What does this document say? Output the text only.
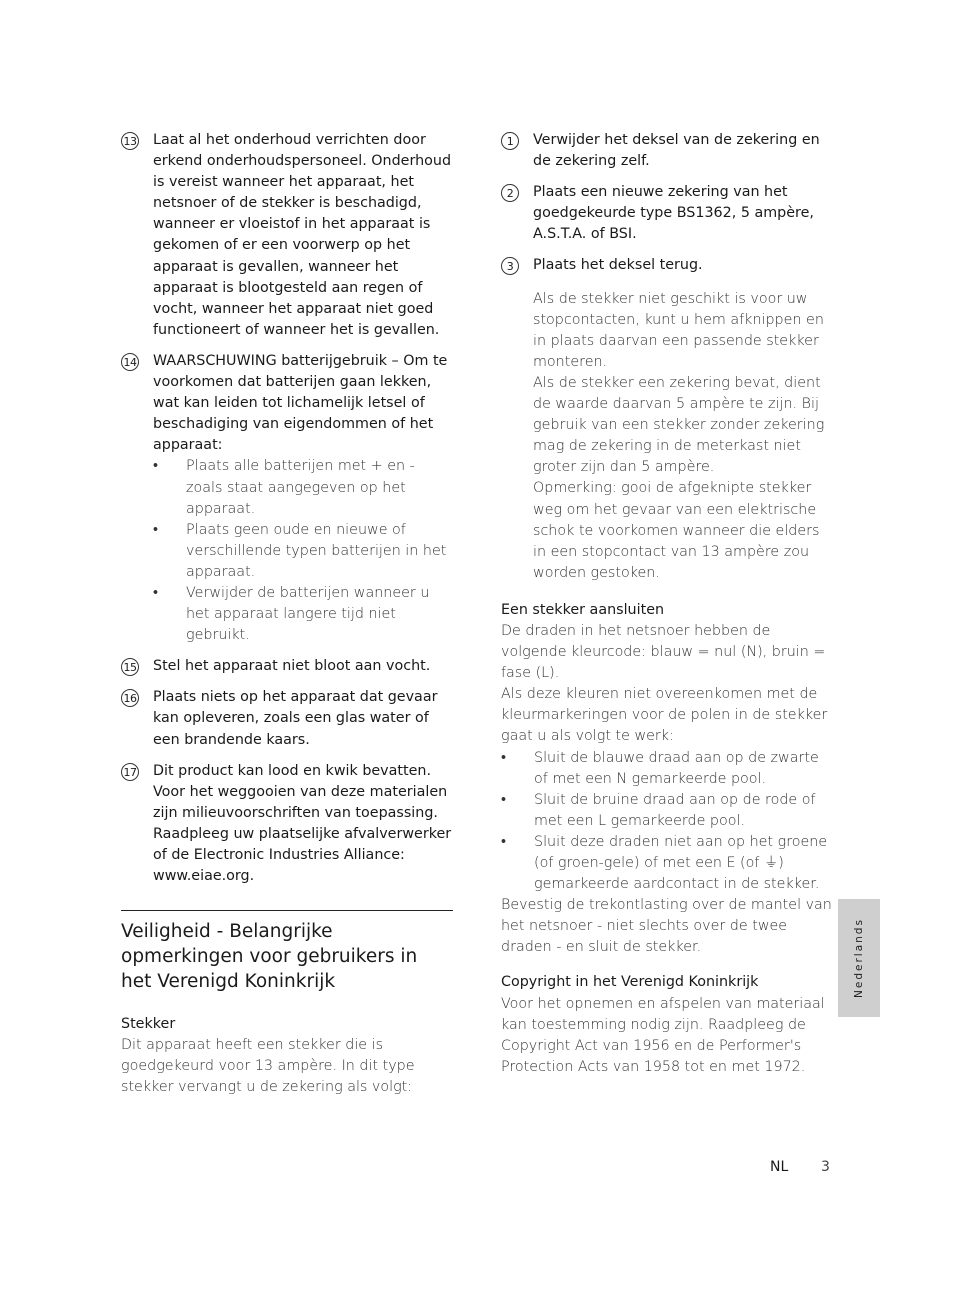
13 Laat al het onderhoud verrichten door erkend onderhoudspersoneel. Onderhoud is vereist wanneer het apparaat, het netsnoer of de stekker is beschadigd, wanneer er vloeistof in het apparaat is gekomen of er een voorwerp op het apparaat is gevallen, wanneer het apparaat is blootgesteld aan regen of vocht, wanneer het apparaat niet goed functioneert of wanneer het is gevallen.
14 WAARSCHUWING batterijgebruik – Om te voorkomen dat batterijen gaan lekken, wat kan leiden tot lichamelijk letsel of beschadiging van eigendommen of het apparaat:
• Plaats alle batterijen met + en - zoals staat aangegeven op het apparaat.
• Plaats geen oude en nieuwe of verschillende typen batterijen in het apparaat.
• Verwijder de batterijen wanneer u het apparaat langere tijd niet gebruikt.
15 Stel het apparaat niet bloot aan vocht.
16 Plaats niets op het apparaat dat gevaar kan opleveren, zoals een glas water of een brandende kaars.
17 Dit product kan lood en kwik bevatten. Voor het weggooien van deze materialen zijn milieuvoorschriften van toepassing. Raadpleeg uw plaatselijke afvalverwerker of de Electronic Industries Alliance: www.eiae.org.
Veiligheid - Belangrijke opmerkingen voor gebruikers in het Verenigd Koninkrijk
Stekker

Dit apparaat heeft een stekker die is goedgekeurd voor 13 ampère. In dit type stekker vervangt u de zekering als volgt:

1	Verwijder het deksel van de zekering en de zekering zelf.
2	Plaats een nieuwe zekering van het goedgekeurde type BS1362, 5 ampère, A.S.T.A. of BSI.
3	Plaats het deksel terug.

Als de stekker niet geschikt is voor uw stopcontacten, kunt u hem afknippen en in plaats daarvan een passende stekker monteren.

Als de stekker een zekering bevat, dient de waarde daarvan 5 ampère te zijn. Bij gebruik van een stekker zonder zekering mag de zekering in de meterkast niet groter zijn dan 5 ampère.

Opmerking: gooi de afgeknipte stekker weg om het gevaar van een elektrische schok te voorkomen wanneer die elders in een stopcontact van 13 ampère zou worden gestoken.

Een stekker aansluiten

De draden in het netsnoer hebben de volgende kleurcode: blauw = nul (N), bruin = fase (L).

Als deze kleuren niet overeenkomen met de kleurmarkeringen voor de polen in de stekker gaat u als volgt te werk:

• Sluit de blauwe draad aan op de zwarte of met een N gemarkeerde pool.
• Sluit de bruine draad aan op de rode of met een L gemarkeerde pool.
• Sluit deze draden niet aan op het groene (of groen-gele) of met een E (of ⏚) gemarkeerde aardcontact in de stekker.

Bevestig de trekontlasting over de mantel van het netsnoer - niet slechts over de twee draden - en sluit de stekker.

Copyright in het Verenigd Koninkrijk

Voor het opnemen en afspelen van materiaal kan toestemming nodig zijn. Raadpleeg de Copyright Act van 1956 en de Performer's Protection Acts van 1958 tot en met 1972.

Nederlands
NL 3
